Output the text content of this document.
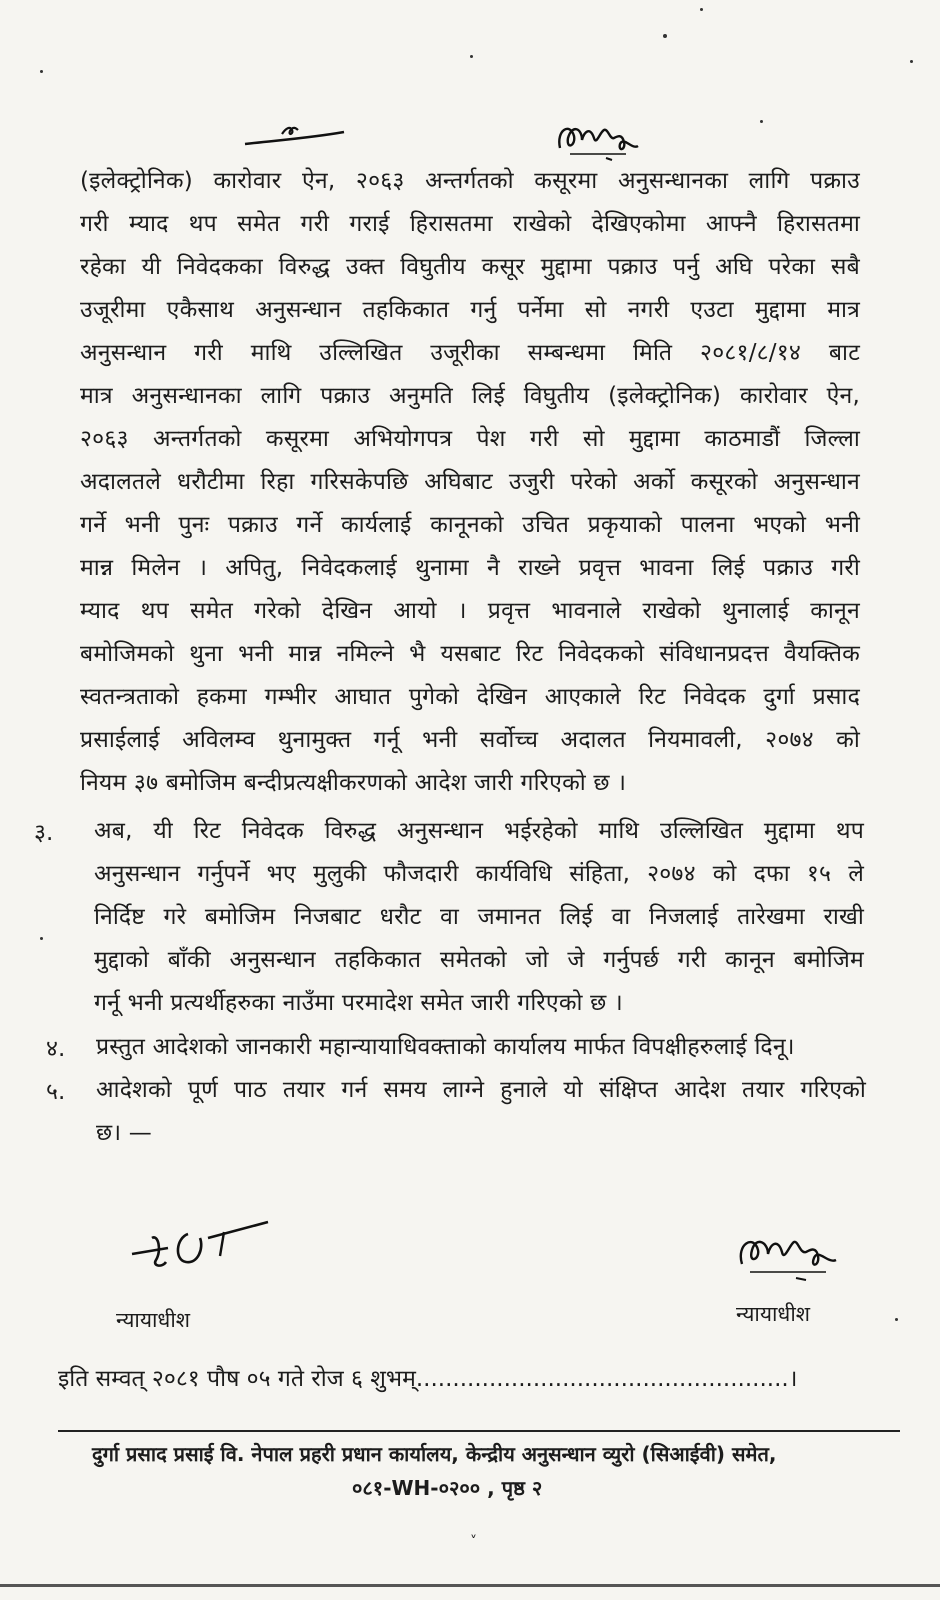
(इलेक्ट्रोनिक) कारोवार ऐन, २०६३ अन्तर्गतको कसूरमा अनुसन्धानका लागि पक्राउ
गरी म्याद थप समेत गरी गराई हिरासतमा राखेको देखिएकोमा आफ्नै हिरासतमा
रहेका यी निवेदकका विरुद्ध उक्त विघुतीय कसूर मुद्दामा पक्राउ पर्नु अघि परेका सबै
उजूरीमा एकैसाथ अनुसन्धान तहकिकात गर्नु पर्नेमा सो नगरी एउटा मुद्दामा मात्र
अनुसन्धान गरी माथि उल्लिखित उजूरीका सम्बन्धमा मिति २०८१/८/१४ बाट
मात्र अनुसन्धानका लागि पक्राउ अनुमति लिई विघुतीय (इलेक्ट्रोनिक) कारोवार ऐन,
२०६३ अन्तर्गतको कसूरमा अभियोगपत्र पेश गरी सो मुद्दामा काठमाडौं जिल्ला
अदालतले धरौटीमा रिहा गरिसकेपछि अघिबाट उजुरी परेको अर्को कसूरको अनुसन्धान
गर्ने भनी पुनः पक्राउ गर्ने कार्यलाई कानूनको उचित प्रकृयाको पालना भएको भनी
मान्न मिलेन । अपितु, निवेदकलाई थुनामा नै राख्ने प्रवृत्त भावना लिई पक्राउ गरी
म्याद थप समेत गरेको देखिन आयो । प्रवृत्त भावनाले राखेको थुनालाई कानून
बमोजिमको थुना भनी मान्न नमिल्ने भै यसबाट रिट निवेदकको संविधानप्रदत्त वैयक्तिक
स्वतन्त्रताको हकमा गम्भीर आघात पुगेको देखिन आएकाले रिट निवेदक दुर्गा प्रसाद
प्रसाईलाई अविलम्व थुनामुक्त गर्नू भनी सर्वोच्च अदालत नियमावली, २०७४ को
नियम ३७ बमोजिम बन्दीप्रत्यक्षीकरणको आदेश जारी गरिएको छ ।
३. अब, यी रिट निवेदक विरुद्ध अनुसन्धान भईरहेको माथि उल्लिखित मुद्दामा थप
अनुसन्धान गर्नुपर्ने भए मुलुकी फौजदारी कार्यविधि संहिता, २०७४ को दफा १५ ले
निर्दिष्ट गरे बमोजिम निजबाट धरौट वा जमानत लिई वा निजलाई तारेखमा राखी
मुद्दाको बाँकी अनुसन्धान तहकिकात समेतको जो जे गर्नुपर्छ गरी कानून बमोजिम
गर्नू भनी प्रत्यर्थीहरुका नाउँमा परमादेश समेत जारी गरिएको छ ।
४. प्रस्तुत आदेशको जानकारी महान्यायाधिवक्ताको कार्यालय मार्फत विपक्षीहरुलाई दिनू।
५. आदेशको पूर्ण पाठ तयार गर्न समय लाग्ने हुनाले यो संक्षिप्त आदेश तयार गरिएको
छ। —
न्यायाधीश	न्यायाधीश
इति सम्वत् २०८१ पौष ०५ गते रोज ६ शुभम्...................................................।
दुर्गा प्रसाद प्रसाई वि. नेपाल प्रहरी प्रधान कार्यालय, केन्द्रीय अनुसन्धान व्युरो (सिआईवी) समेत,
०८१-WH-०२०० , पृष्ठ २
˅
